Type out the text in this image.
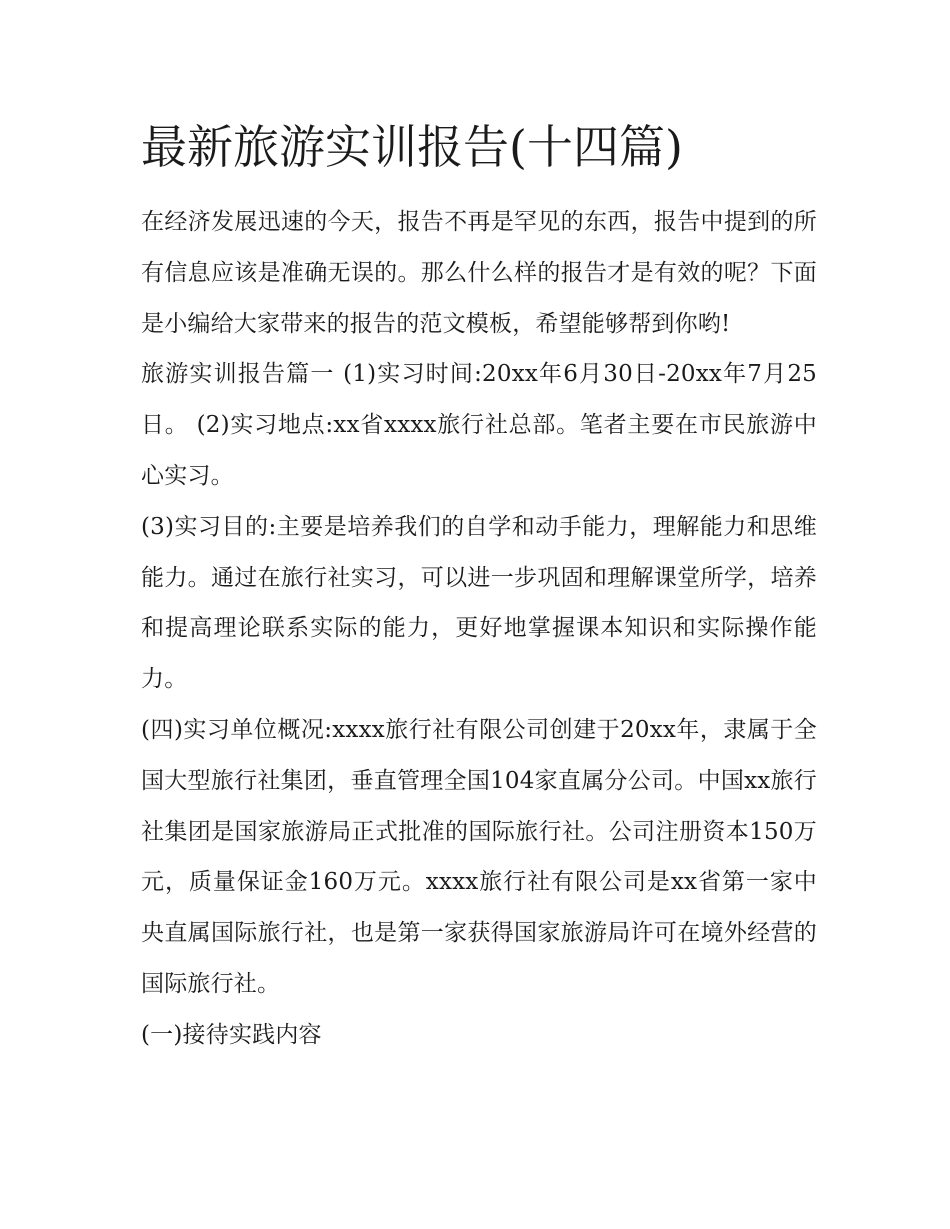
最新旅游实训报告(十四篇)

在经济发展迅速的今天，报告不再是罕见的东西，报告中提到的所有信息应该是准确无误的。那么什么样的报告才是有效的呢？下面是小编给大家带来的报告的范文模板，希望能够帮到你哟!

旅游实训报告篇一 (1)实习时间:20xx年6月30日-20xx年7月25日。 (2)实习地点:xx省xxxx旅行社总部。笔者主要在市民旅游中心实习。

(3)实习目的:主要是培养我们的自学和动手能力，理解能力和思维能力。通过在旅行社实习，可以进一步巩固和理解课堂所学，培养和提高理论联系实际的能力，更好地掌握课本知识和实际操作能力。

(四)实习单位概况:xxxx旅行社有限公司创建于20xx年，隶属于全国大型旅行社集团，垂直管理全国104家直属分公司。中国xx旅行社集团是国家旅游局正式批准的国际旅行社。公司注册资本150万元，质量保证金160万元。xxxx旅行社有限公司是xx省第一家中央直属国际旅行社，也是第一家获得国家旅游局许可在境外经营的国际旅行社。

(一)接待实践内容
